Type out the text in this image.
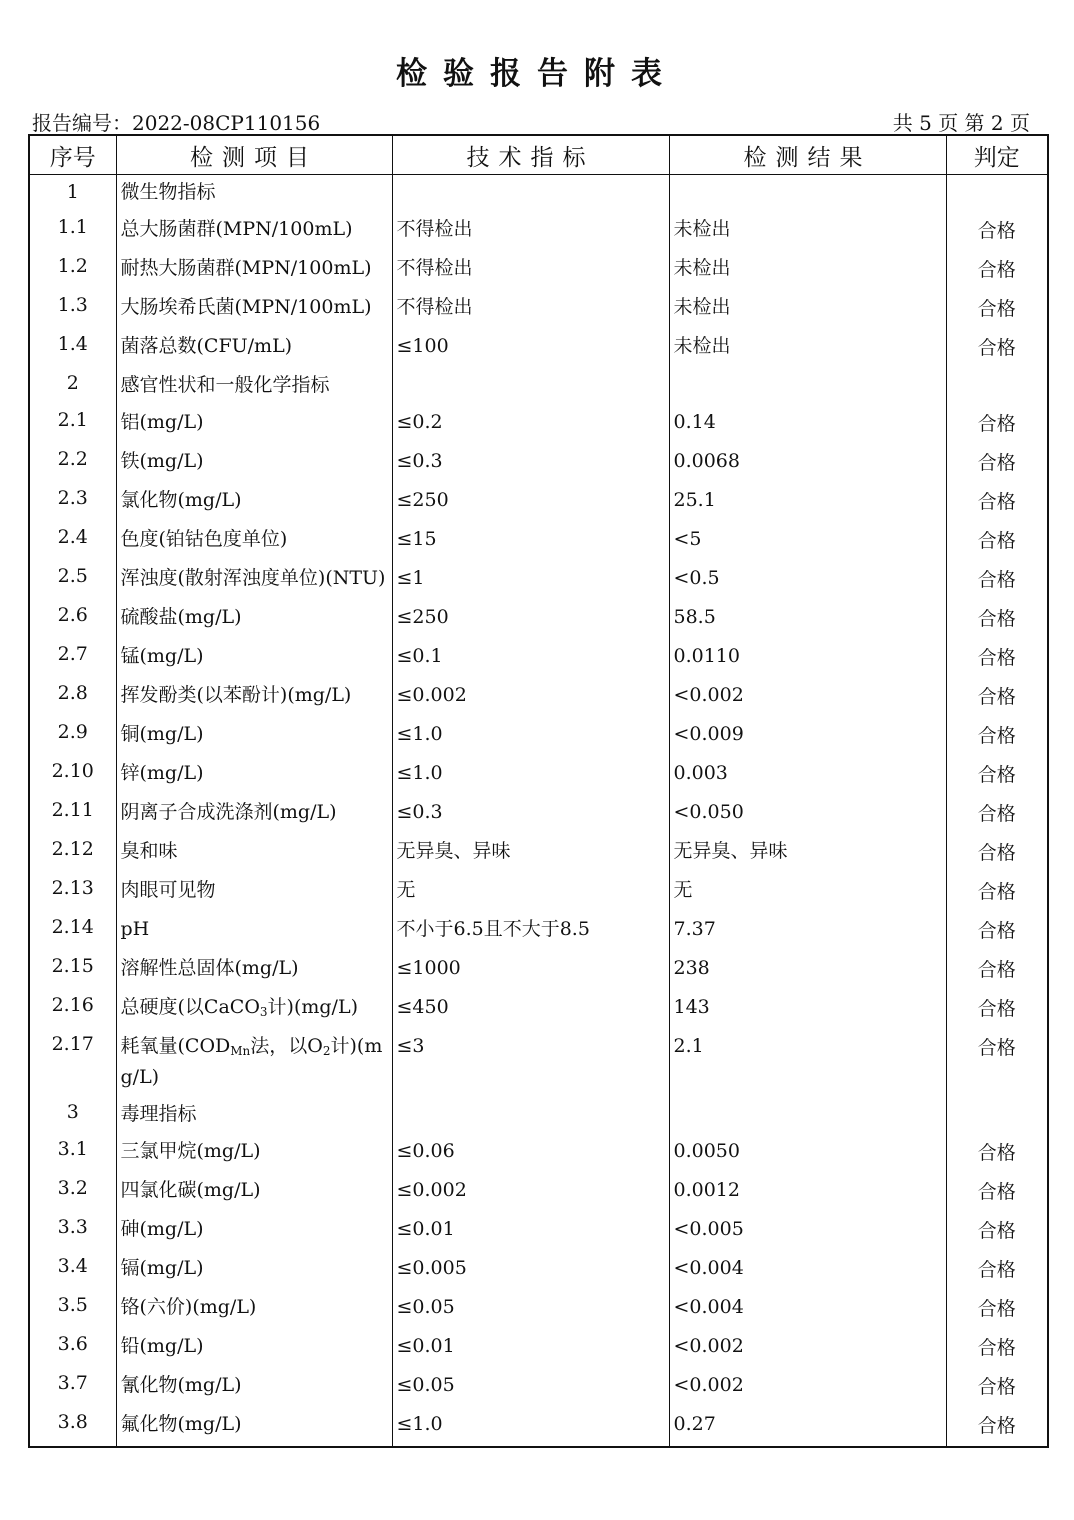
检验报告附表
报告编号：2022-08CP110156	共 5 页 第 2 页
序号	检测项目	技术指标	检测结果	判定
1	微生物指标			
1.1	总大肠菌群(MPN/100mL)	不得检出	未检出	合格
1.2	耐热大肠菌群(MPN/100mL)	不得检出	未检出	合格
1.3	大肠埃希氏菌(MPN/100mL)	不得检出	未检出	合格
1.4	菌落总数(CFU/mL)	≤100	未检出	合格
2	感官性状和一般化学指标			
2.1	铝(mg/L)	≤0.2	0.14	合格
2.2	铁(mg/L)	≤0.3	0.0068	合格
2.3	氯化物(mg/L)	≤250	25.1	合格
2.4	色度(铂钴色度单位)	≤15	<5	合格
2.5	浑浊度(散射浑浊度单位)(NTU)	≤1	<0.5	合格
2.6	硫酸盐(mg/L)	≤250	58.5	合格
2.7	锰(mg/L)	≤0.1	0.0110	合格
2.8	挥发酚类(以苯酚计)(mg/L)	≤0.002	<0.002	合格
2.9	铜(mg/L)	≤1.0	<0.009	合格
2.10	锌(mg/L)	≤1.0	0.003	合格
2.11	阴离子合成洗涤剂(mg/L)	≤0.3	<0.050	合格
2.12	臭和味	无异臭、异味	无异臭、异味	合格
2.13	肉眼可见物	无	无	合格
2.14	pH	不小于6.5且不大于8.5	7.37	合格
2.15	溶解性总固体(mg/L)	≤1000	238	合格
2.16	总硬度(以CaCO$_3$计)(mg/L)	≤450	143	合格
2.17	耗氧量($COD_{Mn}$法，以$O_2$计)(mg/L)	≤3	2.1	合格
3	毒理指标			
3.1	三氯甲烷(mg/L)	≤0.06	0.0050	合格
3.2	四氯化碳(mg/L)	≤0.002	0.0012	合格
3.3	砷(mg/L)	≤0.01	<0.005	合格
3.4	镉(mg/L)	≤0.005	<0.004	合格
3.5	铬(六价)(mg/L)	≤0.05	<0.004	合格
3.6	铅(mg/L)	≤0.01	<0.002	合格
3.7	氰化物(mg/L)	≤0.05	<0.002	合格
3.8	氟化物(mg/L)	≤1.0	0.27	合格
